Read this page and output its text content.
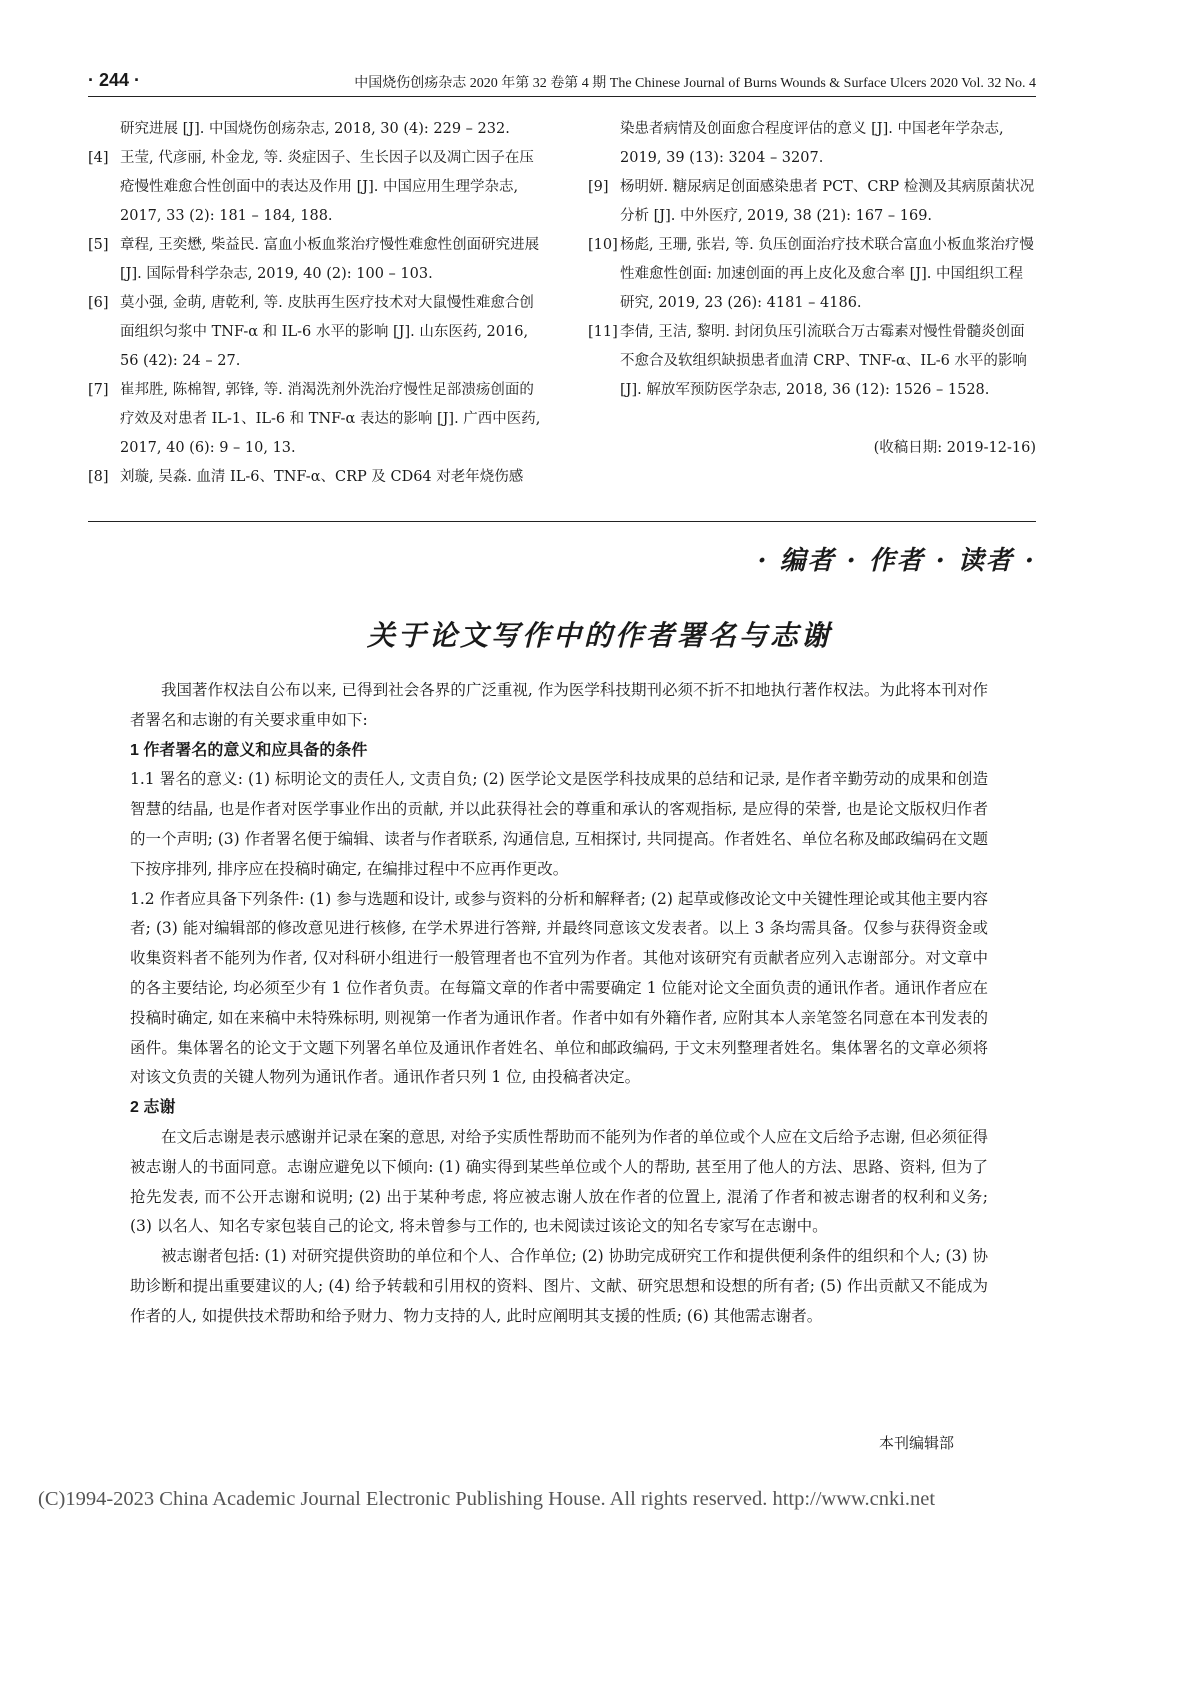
· 244 ·	中国烧伤创疡杂志 2020 年第 32 卷第 4 期 The Chinese Journal of Burns Wounds & Surface Ulcers 2020 Vol. 32 No. 4
研究进展 [J]. 中国烧伤创疡杂志, 2018, 30 (4): 229 – 232.
[4] 王莹, 代彦丽, 朴金龙, 等. 炎症因子、生长因子以及凋亡因子在压疮慢性难愈合性创面中的表达及作用 [J]. 中国应用生理学杂志, 2017, 33 (2): 181 – 184, 188.
[5] 章程, 王奕懋, 柴益民. 富血小板血浆治疗慢性难愈性创面研究进展 [J]. 国际骨科学杂志, 2019, 40 (2): 100 – 103.
[6] 莫小强, 金萌, 唐乾利, 等. 皮肤再生医疗技术对大鼠慢性难愈合创面组织匀浆中 TNF-α 和 IL-6 水平的影响 [J]. 山东医药, 2016, 56 (42): 24 – 27.
[7] 崔邦胜, 陈棉智, 郭锋, 等. 消渴洗剂外洗治疗慢性足部溃疡创面的疗效及对患者 IL-1、IL-6 和 TNF-α 表达的影响 [J]. 广西中医药, 2017, 40 (6): 9 – 10, 13.
[8] 刘璇, 吴淼. 血清 IL-6、TNF-α、CRP 及 CD64 对老年烧伤感
染患者病情及创面愈合程度评估的意义 [J]. 中国老年学杂志, 2019, 39 (13): 3204 – 3207.
[9] 杨明妍. 糖尿病足创面感染患者 PCT、CRP 检测及其病原菌状况分析 [J]. 中外医疗, 2019, 38 (21): 167 – 169.
[10] 杨彪, 王珊, 张岩, 等. 负压创面治疗技术联合富血小板血浆治疗慢性难愈性创面: 加速创面的再上皮化及愈合率 [J]. 中国组织工程研究, 2019, 23 (26): 4181 – 4186.
[11] 李倩, 王洁, 黎明. 封闭负压引流联合万古霉素对慢性骨髓炎创面不愈合及软组织缺损患者血清 CRP、TNF-α、IL-6 水平的影响 [J]. 解放军预防医学杂志, 2018, 36 (12): 1526 – 1528.
(收稿日期: 2019-12-16)
· 编者 · 作者 · 读者 ·
关于论文写作中的作者署名与志谢

我国著作权法自公布以来, 已得到社会各界的广泛重视, 作为医学科技期刊必须不折不扣地执行著作权法。为此将本刊对作者署名和志谢的有关要求重申如下:

1 作者署名的意义和应具备的条件

1.1 署名的意义: (1) 标明论文的责任人, 文责自负; (2) 医学论文是医学科技成果的总结和记录, 是作者辛勤劳动的成果和创造智慧的结晶, 也是作者对医学事业作出的贡献, 并以此获得社会的尊重和承认的客观指标, 是应得的荣誉, 也是论文版权归作者的一个声明; (3) 作者署名便于编辑、读者与作者联系, 沟通信息, 互相探讨, 共同提高。作者姓名、单位名称及邮政编码在文题下按序排列, 排序应在投稿时确定, 在编排过程中不应再作更改。

1.2 作者应具备下列条件: (1) 参与选题和设计, 或参与资料的分析和解释者; (2) 起草或修改论文中关键性理论或其他主要内容者; (3) 能对编辑部的修改意见进行核修, 在学术界进行答辩, 并最终同意该文发表者。以上 3 条均需具备。仅参与获得资金或收集资料者不能列为作者, 仅对科研小组进行一般管理者也不宜列为作者。其他对该研究有贡献者应列入志谢部分。对文章中的各主要结论, 均必须至少有 1 位作者负责。在每篇文章的作者中需要确定 1 位能对论文全面负责的通讯作者。通讯作者应在投稿时确定, 如在来稿中未特殊标明, 则视第一作者为通讯作者。作者中如有外籍作者, 应附其本人亲笔签名同意在本刊发表的函件。集体署名的论文于文题下列署名单位及通讯作者姓名、单位和邮政编码, 于文末列整理者姓名。集体署名的文章必须将对该文负责的关键人物列为通讯作者。通讯作者只列 1 位, 由投稿者决定。

2 志谢

在文后志谢是表示感谢并记录在案的意思, 对给予实质性帮助而不能列为作者的单位或个人应在文后给予志谢, 但必须征得被志谢人的书面同意。志谢应避免以下倾向: (1) 确实得到某些单位或个人的帮助, 甚至用了他人的方法、思路、资料, 但为了抢先发表, 而不公开志谢和说明; (2) 出于某种考虑, 将应被志谢人放在作者的位置上, 混淆了作者和被志谢者的权利和义务; (3) 以名人、知名专家包装自己的论文, 将未曾参与工作的, 也未阅读过该论文的知名专家写在志谢中。

被志谢者包括: (1) 对研究提供资助的单位和个人、合作单位; (2) 协助完成研究工作和提供便利条件的组织和个人; (3) 协助诊断和提出重要建议的人; (4) 给予转载和引用权的资料、图片、文献、研究思想和设想的所有者; (5) 作出贡献又不能成为作者的人, 如提供技术帮助和给予财力、物力支持的人, 此时应阐明其支援的性质; (6) 其他需志谢者。

本刊编辑部
(C)1994-2023 China Academic Journal Electronic Publishing House. All rights reserved. http://www.cnki.net
